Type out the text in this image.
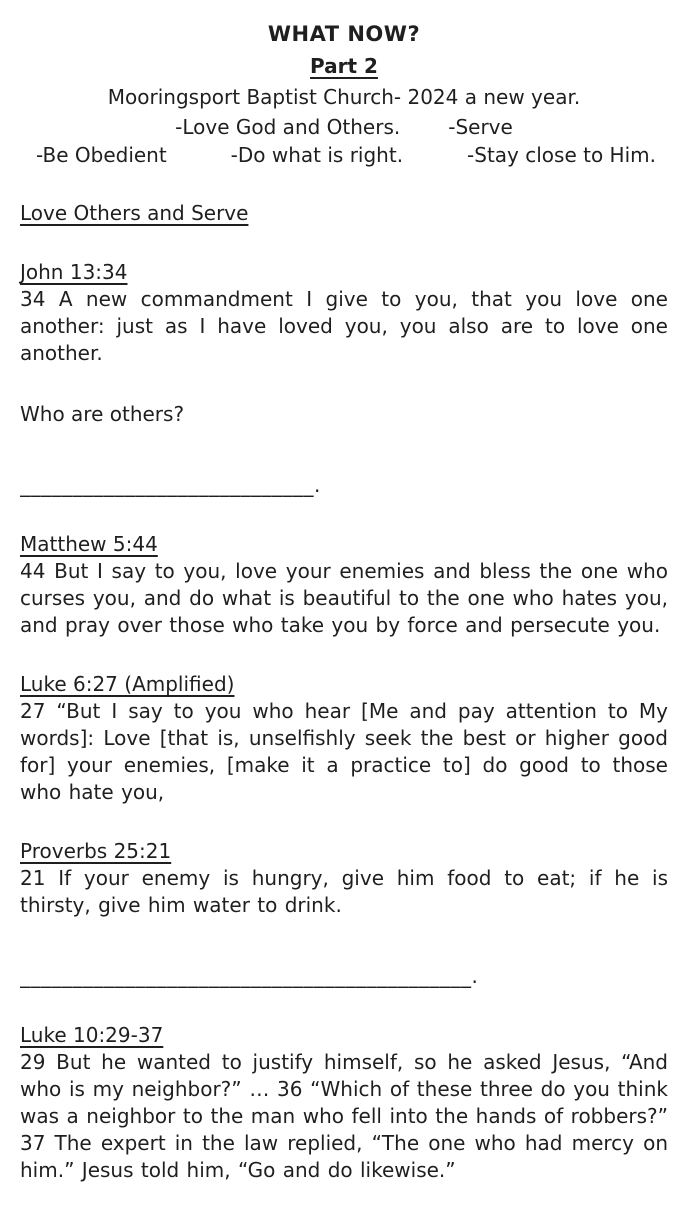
WHAT NOW?
Part 2
Mooringsport Baptist Church- 2024 a new year.
-Love God and Others. -Serve
-Be Obedient	-Do what is right.	-Stay close to Him.
Love Others and Serve
John 13:34
34 A new commandment I give to you, that you love one another: just as I have loved you, you also are to love one another.
Who are others?
____________________________.
Matthew 5:44
44 But I say to you, love your enemies and bless the one who curses you, and do what is beautiful to the one who hates you, and pray over those who take you by force and persecute you.
Luke 6:27 (Amplified)
27 “But I say to you who hear [Me and pay attention to My words]: Love [that is, unselfishly seek the best or higher good for] your enemies, [make it a practice to] do good to those who hate you,
Proverbs 25:21
21 If your enemy is hungry, give him food to eat; if he is thirsty, give him water to drink.
___________________________________________.
Luke 10:29-37
29 But he wanted to justify himself, so he asked Jesus, “And who is my neighbor?” … 36 “Which of these three do you think was a neighbor to the man who fell into the hands of robbers?” 37 The expert in the law replied, “The one who had mercy on him.” Jesus told him, “Go and do likewise.”
